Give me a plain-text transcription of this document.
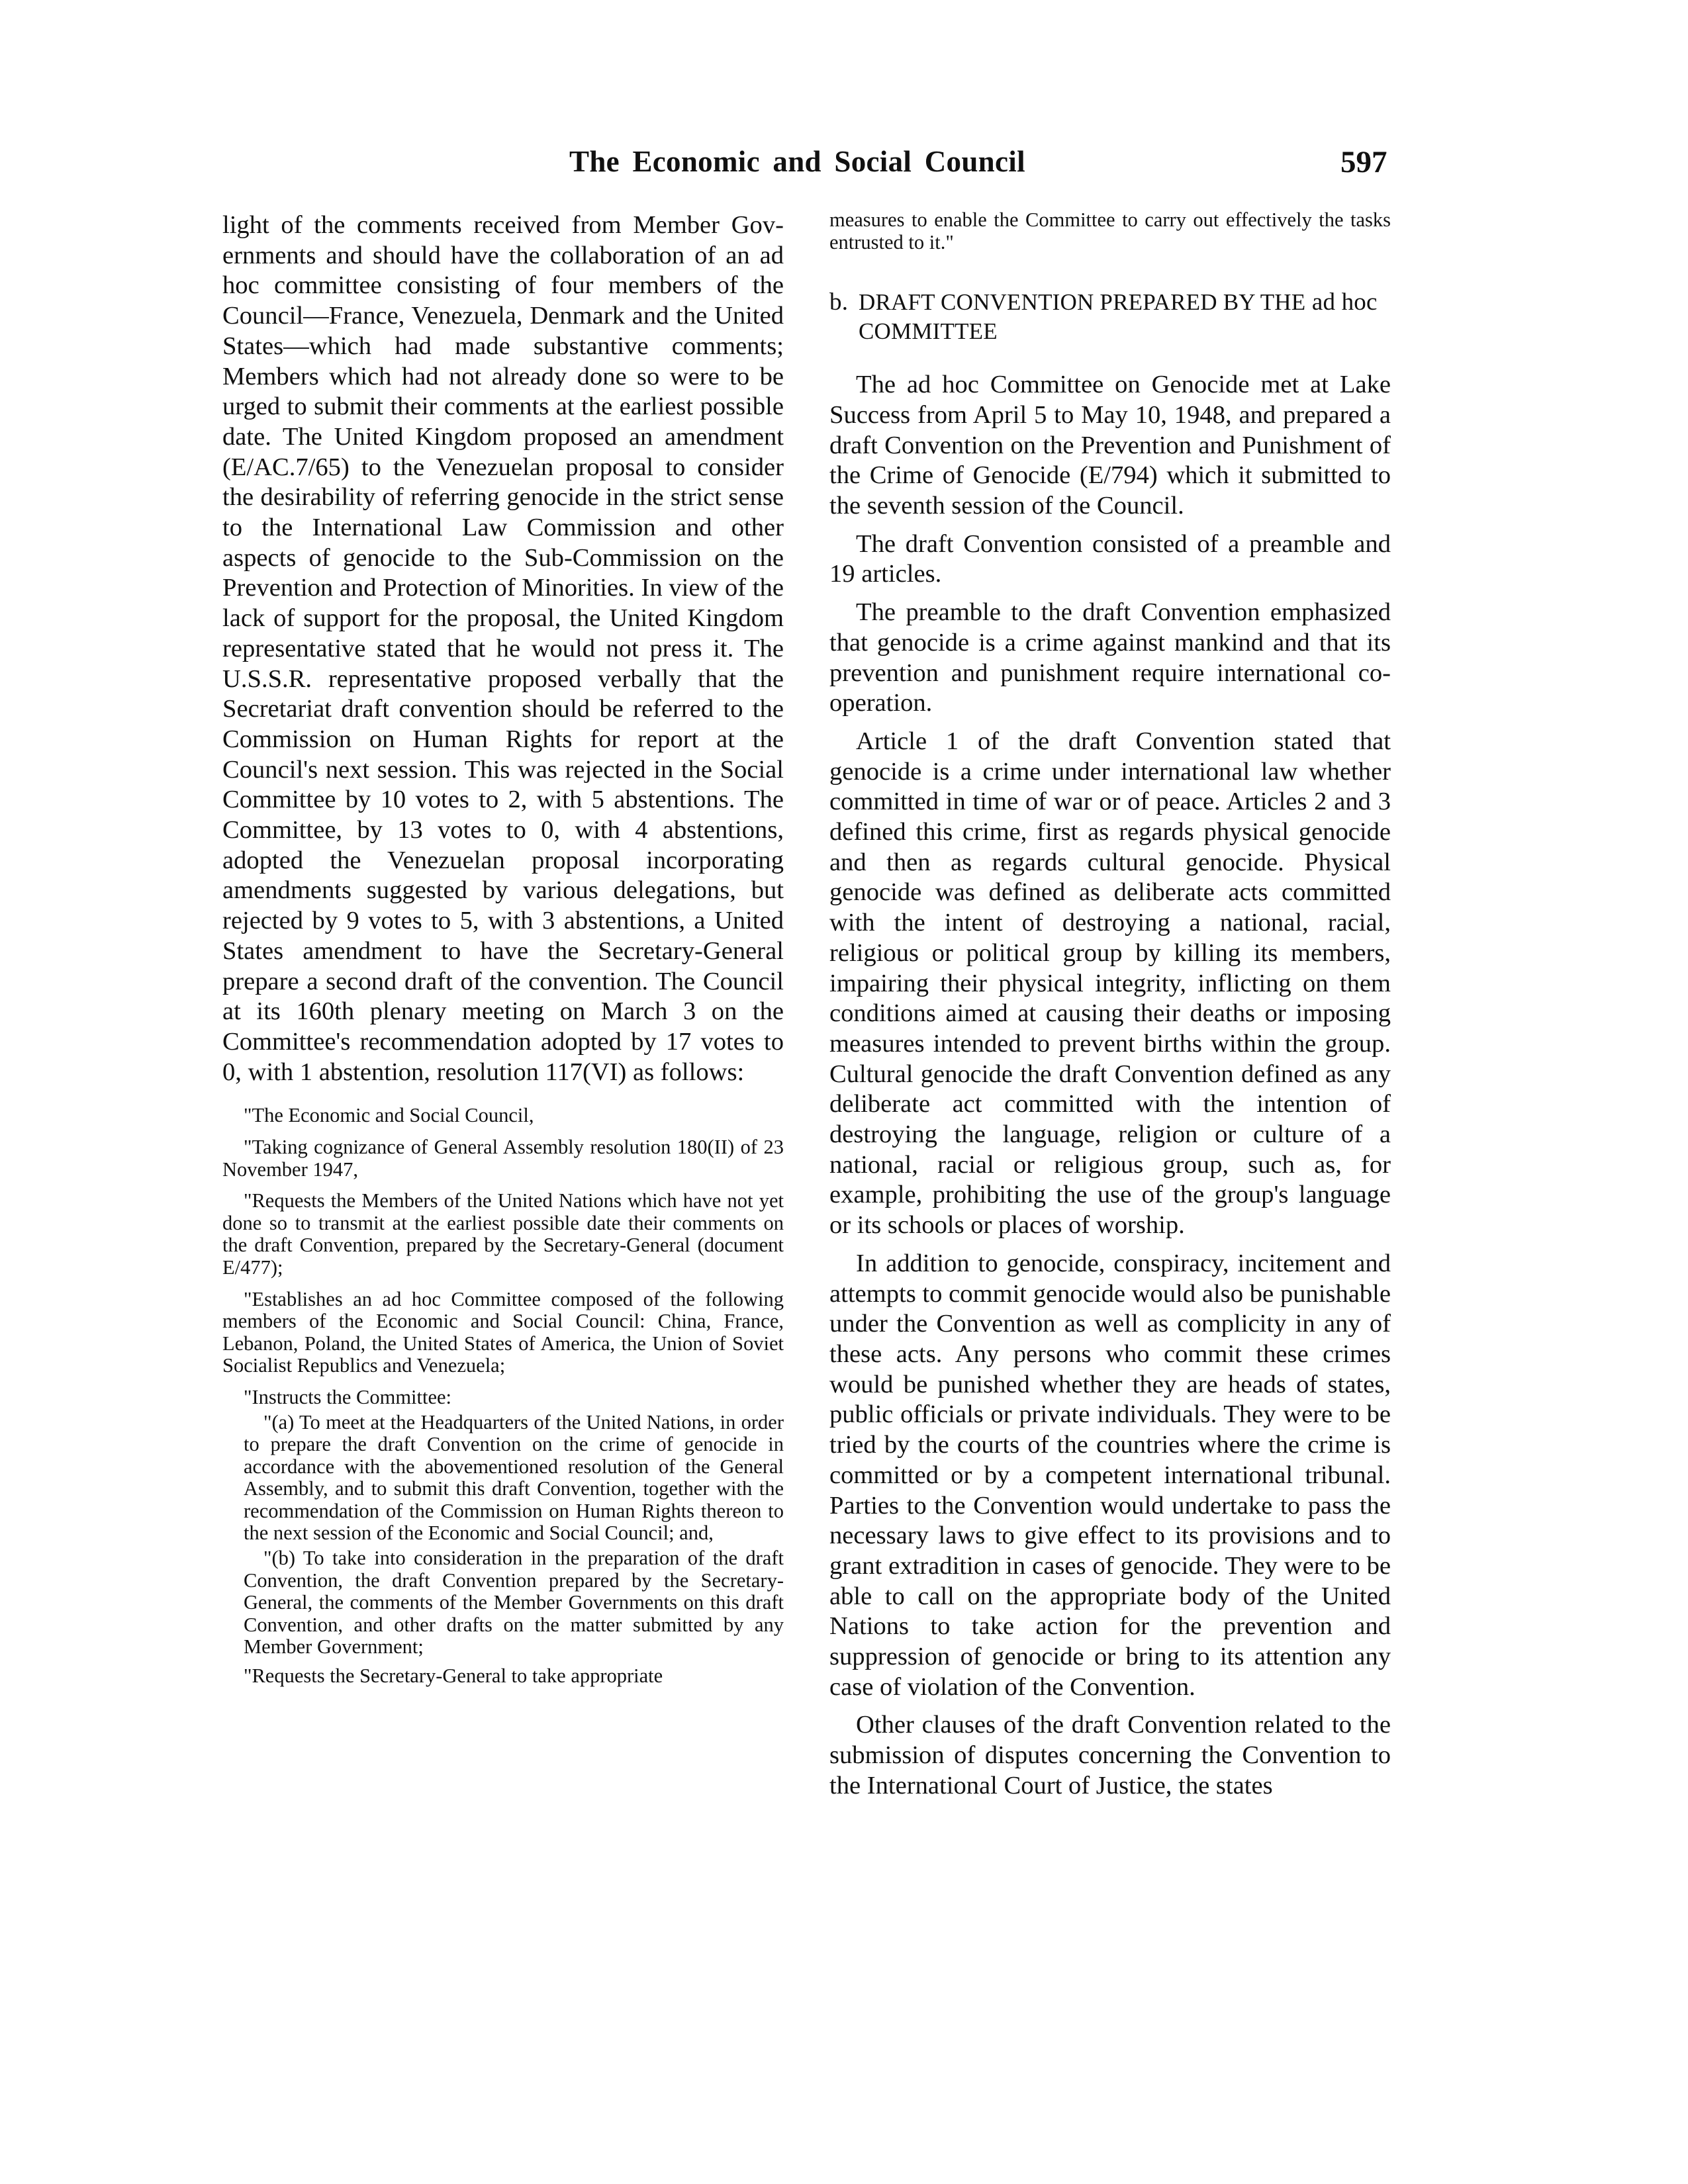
The Economic and Social Council	597

light of the comments received from Member Governments and should have the collaboration of an ad hoc committee consisting of four members of the Council—France, Venezuela, Denmark and the United States—which had made substantive comments; Members which had not already done so were to be urged to submit their comments at the earliest possible date. The United Kingdom proposed an amendment (E/AC.7/65) to the Venezuelan proposal to consider the desirability of referring genocide in the strict sense to the International Law Commission and other aspects of genocide to the Sub-Commission on the Prevention and Protection of Minorities. In view of the lack of support for the proposal, the United Kingdom representative stated that he would not press it. The U.S.S.R. representative proposed verbally that the Secretariat draft convention should be referred to the Commission on Human Rights for report at the Council's next session. This was rejected in the Social Committee by 10 votes to 2, with 5 abstentions. The Committee, by 13 votes to 0, with 4 abstentions, adopted the Venezuelan proposal incorporating amendments suggested by various delegations, but rejected by 9 votes to 5, with 3 abstentions, a United States amendment to have the Secretary-General prepare a second draft of the convention. The Council at its 160th plenary meeting on March 3 on the Committee's recommendation adopted by 17 votes to 0, with 1 abstention, resolution 117(VI) as follows:

"The Economic and Social Council,

"Taking cognizance of General Assembly resolution 180(II) of 23 November 1947,

"Requests the Members of the United Nations which have not yet done so to transmit at the earliest possible date their comments on the draft Convention, prepared by the Secretary-General (document E/477);

"Establishes an ad hoc Committee composed of the following members of the Economic and Social Council: China, France, Lebanon, Poland, the United States of America, the Union of Soviet Socialist Republics and Venezuela;

"Instructs the Committee:

"(a) To meet at the Headquarters of the United Nations, in order to prepare the draft Convention on the crime of genocide in accordance with the abovementioned resolution of the General Assembly, and to submit this draft Convention, together with the recommendation of the Commission on Human Rights thereon to the next session of the Economic and Social Council; and,

"(b) To take into consideration in the preparation of the draft Convention, the draft Convention prepared by the Secretary-General, the comments of the Member Governments on this draft Convention, and other drafts on the matter submitted by any Member Government;

"Requests the Secretary-General to take appropriate

measures to enable the Committee to carry out effectively the tasks entrusted to it."

b. DRAFT CONVENTION PREPARED BY THE ad hoc COMMITTEE

The ad hoc Committee on Genocide met at Lake Success from April 5 to May 10, 1948, and prepared a draft Convention on the Prevention and Punishment of the Crime of Genocide (E/794) which it submitted to the seventh session of the Council.

The draft Convention consisted of a preamble and 19 articles.

The preamble to the draft Convention emphasized that genocide is a crime against mankind and that its prevention and punishment require international co-operation.

Article 1 of the draft Convention stated that genocide is a crime under international law whether committed in time of war or of peace. Articles 2 and 3 defined this crime, first as regards physical genocide and then as regards cultural genocide. Physical genocide was defined as deliberate acts committed with the intent of destroying a national, racial, religious or political group by killing its members, impairing their physical integrity, inflicting on them conditions aimed at causing their deaths or imposing measures intended to prevent births within the group. Cultural genocide the draft Convention defined as any deliberate act committed with the intention of destroying the language, religion or culture of a national, racial or religious group, such as, for example, prohibiting the use of the group's language or its schools or places of worship.

In addition to genocide, conspiracy, incitement and attempts to commit genocide would also be punishable under the Convention as well as complicity in any of these acts. Any persons who commit these crimes would be punished whether they are heads of states, public officials or private individuals. They were to be tried by the courts of the countries where the crime is committed or by a competent international tribunal. Parties to the Convention would undertake to pass the necessary laws to give effect to its provisions and to grant extradition in cases of genocide. They were to be able to call on the appropriate body of the United Nations to take action for the prevention and suppression of genocide or bring to its attention any case of violation of the Convention.

Other clauses of the draft Convention related to the submission of disputes concerning the Convention to the International Court of Justice, the states
